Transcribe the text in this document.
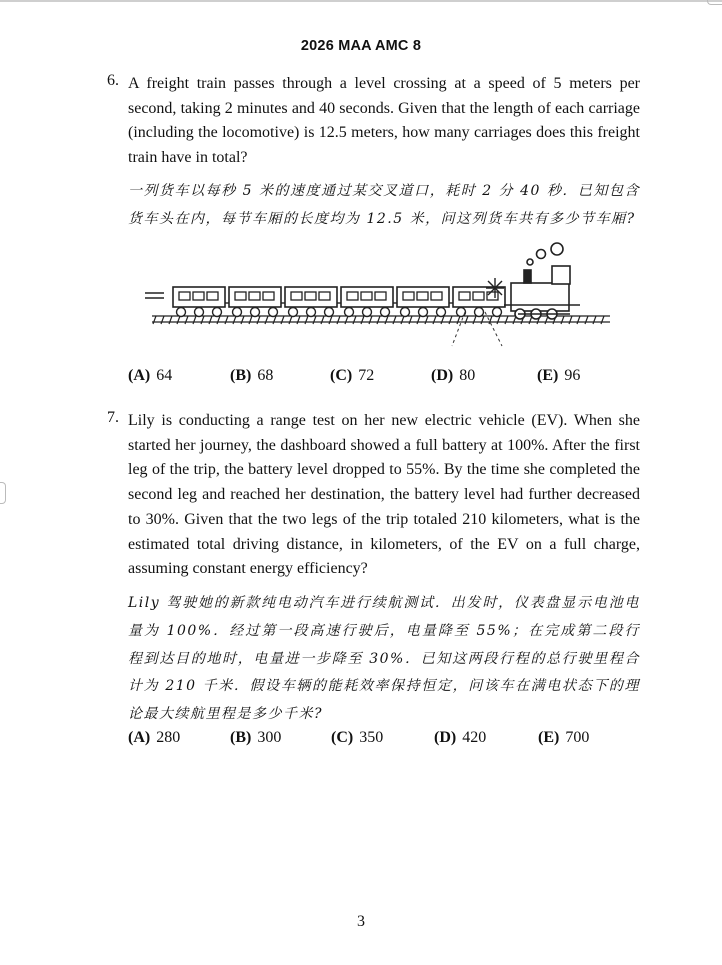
2026 MAA AMC 8
6. A freight train passes through a level crossing at a speed of 5 meters per second, taking 2 minutes and 40 seconds. Given that the length of each carriage (including the locomotive) is 12.5 meters, how many carriages does this freight train have in total?
一列货车以每秒 5 米的速度通过某交叉道口，耗时 2 分 40 秒．已知包含货车头在内，每节车厢的长度均为 12.5 米，问这列货车共有多少节车厢?
(A) 64	(B) 68	(C) 72	(D) 80	(E) 96
7. Lily is conducting a range test on her new electric vehicle (EV). When she started her journey, the dashboard showed a full battery at 100%. After the first leg of the trip, the battery level dropped to 55%. By the time she completed the second leg and reached her destination, the battery level had further decreased to 30%. Given that the two legs of the trip totaled 210 kilometers, what is the estimated total driving distance, in kilometers, of the EV on a full charge, assuming constant energy efficiency?
Lily 驾驶她的新款纯电动汽车进行续航测试．出发时，仪表盘显示电池电量为 100%．经过第一段高速行驶后，电量降至 55%；在完成第二段行程到达目的地时，电量进一步降至 30%．已知这两段行程的总行驶里程合计为 210 千米．假设车辆的能耗效率保持恒定，问该车在满电状态下的理论最大续航里程是多少千米?
(A) 280	(B) 300	(C) 350	(D) 420	(E) 700
3
